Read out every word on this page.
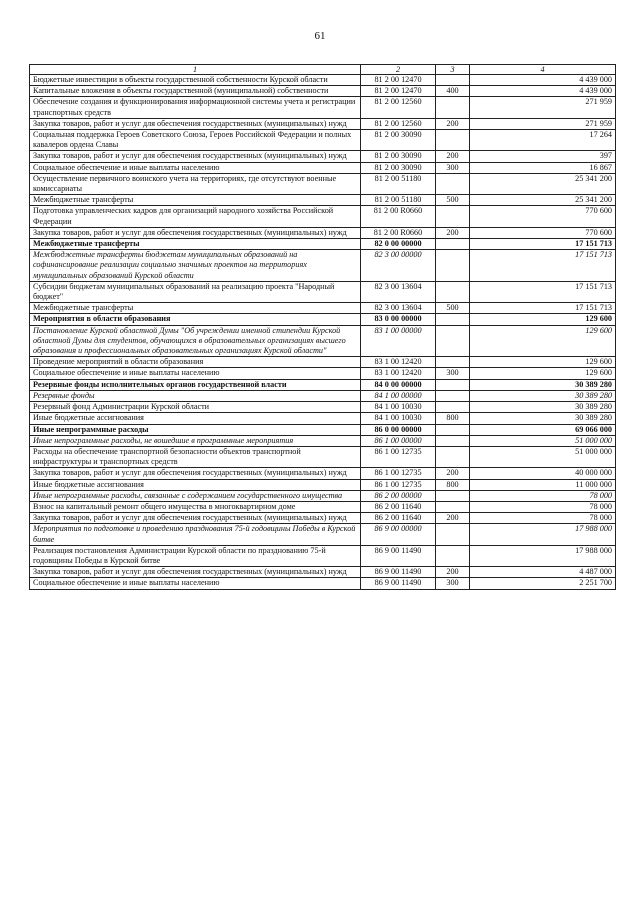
61
1	2	3	4
Бюджетные инвестиции в объекты государственной собственности Курской области	81 2 00 12470		4 439 000
Капитальные вложения в объекты государственной (муниципальной) собственности	81 2 00 12470	400	4 439 000
Обеспечение создания и функционирования информационной системы учета и регистрации транспортных средств	81 2 00 12560		271 959
Закупка товаров, работ и услуг для обеспечения государственных (муниципальных) нужд	81 2 00 12560	200	271 959
Социальная поддержка Героев Советского Союза, Героев Российской Федерации и полных кавалеров ордена Славы	81 2 00 30090		17 264
Закупка товаров, работ и услуг для обеспечения государственных (муниципальных) нужд	81 2 00 30090	200	397
Социальное обеспечение и иные выплаты населению	81 2 00 30090	300	16 867
Осуществление первичного воинского учета на территориях, где отсутствуют военные комиссариаты	81 2 00 51180		25 341 200
Межбюджетные трансферты	81 2 00 51180	500	25 341 200
Подготовка управленческих кадров для организаций народного хозяйства Российской Федерации	81 2 00 R0660		770 600
Закупка товаров, работ и услуг для обеспечения государственных (муниципальных) нужд	81 2 00 R0660	200	770 600
Межбюджетные трансферты	82 0 00 00000		17 151 713
Межбюджетные трансферты бюджетам муниципальных образований на софинансирование реализации социально значимых проектов на территориях муниципальных образований Курской области	82 3 00 00000		17 151 713
Субсидии бюджетам муниципальных образований на реализацию проекта "Народный бюджет"	82 3 00 13604		17 151 713
Межбюджетные трансферты	82 3 00 13604	500	17 151 713
Мероприятия в области образования	83 0 00 00000		129 600
Постановление Курской областной Думы "Об учреждении именной стипендии Курской областной Думы для студентов, обучающихся в образовательных организациях высшего образования и профессиональных образовательных организациях Курской области"	83 1 00 00000		129 600
Проведение мероприятий в области образования	83 1 00 12420		129 600
Социальное обеспечение и иные выплаты населению	83 1 00 12420	300	129 600
Резервные фонды исполнительных органов государственной власти	84 0 00 00000		30 389 280
Резервные фонды	84 1 00 00000		30 389 280
Резервный фонд Администрации Курской области	84 1 00 10030		30 389 280
Иные бюджетные ассигнования	84 1 00 10030	800	30 389 280
Иные непрограммные расходы	86 0 00 00000		69 066 000
Иные непрограммные расходы, не вошедшие в программные мероприятия	86 1 00 00000		51 000 000
Расходы на обеспечение транспортной безопасности объектов транспортной инфраструктуры и транспортных средств	86 1 00 12735		51 000 000
Закупка товаров, работ и услуг для обеспечения государственных (муниципальных) нужд	86 1 00 12735	200	40 000 000
Иные бюджетные ассигнования	86 1 00 12735	800	11 000 000
Иные непрограммные расходы, связанные с содержанием государственного имущества	86 2 00 00000		78 000
Взнос на капитальный ремонт общего имущества в многоквартирном доме	86 2 00 11640		78 000
Закупка товаров, работ и услуг для обеспечения государственных (муниципальных) нужд	86 2 00 11640	200	78 000
Мероприятия по подготовке и проведению празднования 75-й годовщины Победы в Курской битве	86 9 00 00000		17 988 000
Реализация постановления Администрации Курской области по празднованию 75-й годовщины Победы в Курской битве	86 9 00 11490		17 988 000
Закупка товаров, работ и услуг для обеспечения государственных (муниципальных) нужд	86 9 00 11490	200	4 487 000
Социальное обеспечение и иные выплаты населению	86 9 00 11490	300	2 251 700
